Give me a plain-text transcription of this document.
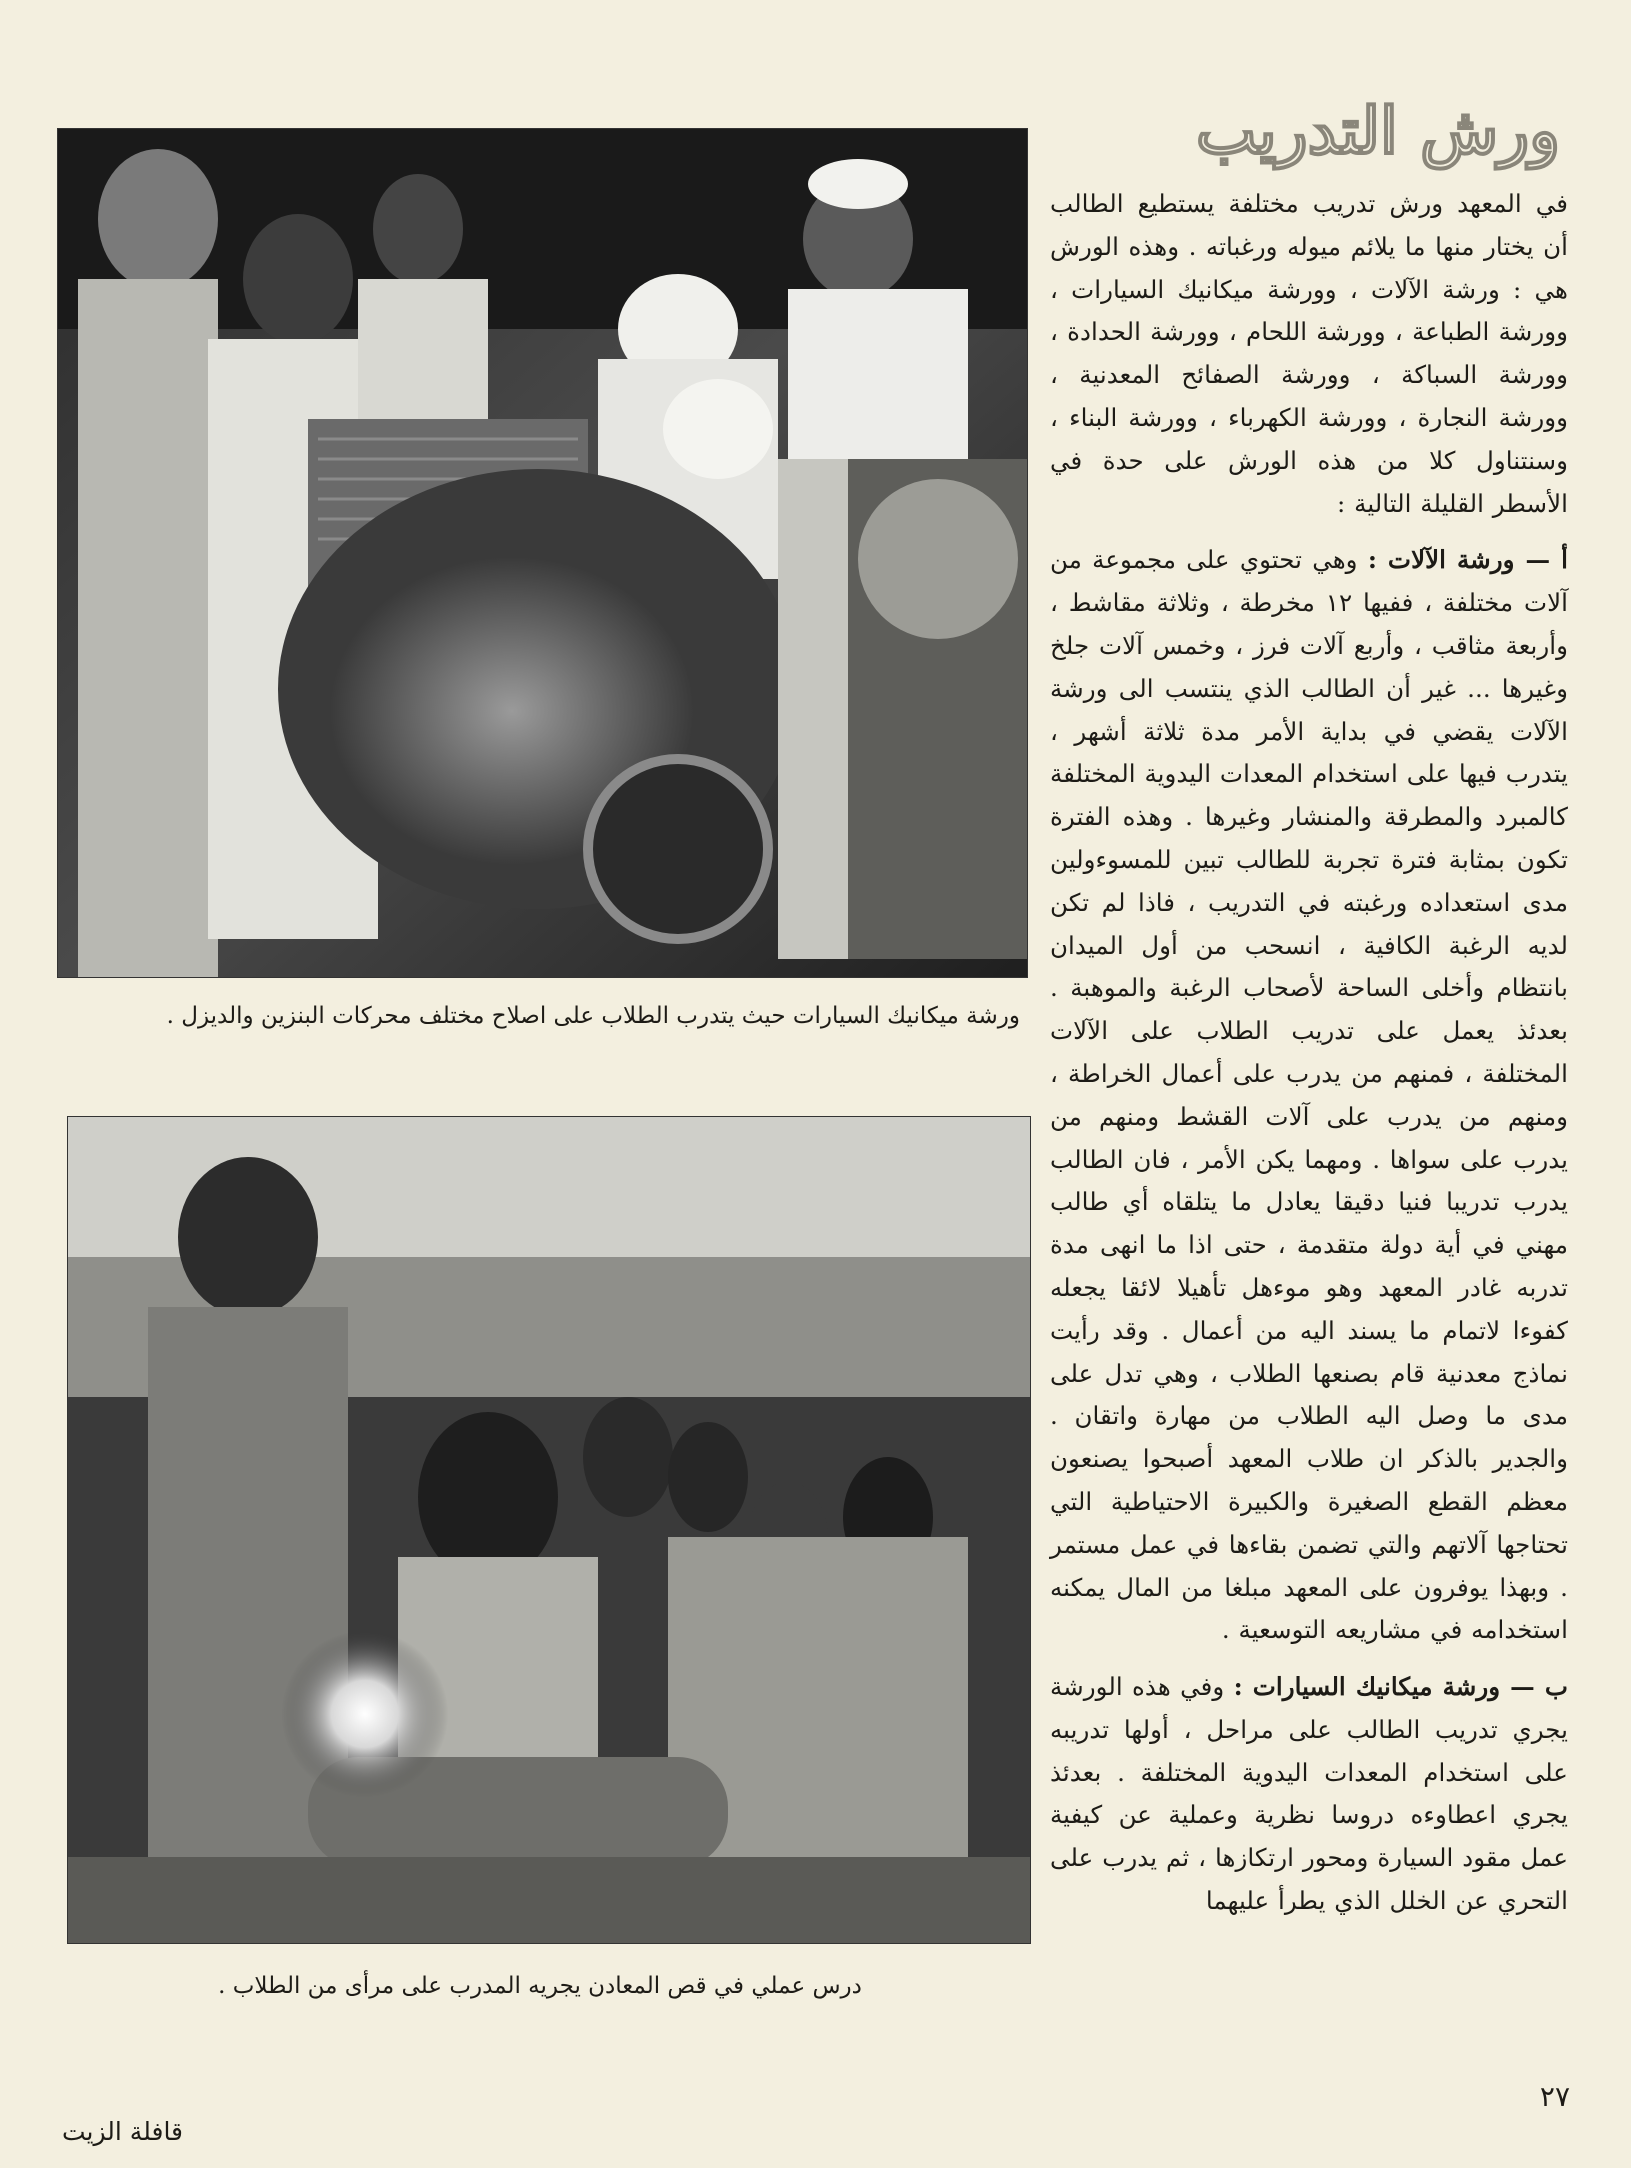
ورش التدريب

في المعهد ورش تدريب مختلفة يستطيع الطالب أن يختار منها ما يلائم ميوله ورغباته . وهذه الورش هي : ورشة الآلات ، وورشة ميكانيك السيارات ، وورشة الطباعة ، وورشة اللحام ، وورشة الحدادة ، وورشة السباكة ، وورشة الصفائح المعدنية ، وورشة النجارة ، وورشة الكهرباء ، وورشة البناء ، وسنتناول كلا من هذه الورش على حدة في الأسطر القليلة التالية :

أ — ورشة الآلات : وهي تحتوي على مجموعة من آلات مختلفة ، ففيها ١٢ مخرطة ، وثلاثة مقاشط ، وأربعة مثاقب ، وأربع آلات فرز ، وخمس آلات جلخ وغيرها ... غير أن الطالب الذي ينتسب الى ورشة الآلات يقضي في بداية الأمر مدة ثلاثة أشهر ، يتدرب فيها على استخدام المعدات اليدوية المختلفة كالمبرد والمطرقة والمنشار وغيرها . وهذه الفترة تكون بمثابة فترة تجربة للطالب تبين للمسوءولين مدى استعداده ورغبته في التدريب ، فاذا لم تكن لديه الرغبة الكافية ، انسحب من أول الميدان بانتظام وأخلى الساحة لأصحاب الرغبة والموهبة . بعدئذ يعمل على تدريب الطلاب على الآلات المختلفة ، فمنهم من يدرب على أعمال الخراطة ، ومنهم من يدرب على آلات القشط ومنهم من يدرب على سواها . ومهما يكن الأمر ، فان الطالب يدرب تدريبا فنيا دقيقا يعادل ما يتلقاه أي طالب مهني في أية دولة متقدمة ، حتى اذا ما انهى مدة تدربه غادر المعهد وهو موءهل تأهيلا لائقا يجعله كفوءا لاتمام ما يسند اليه من أعمال . وقد رأيت نماذج معدنية قام بصنعها الطلاب ، وهي تدل على مدى ما وصل اليه الطلاب من مهارة واتقان . والجدير بالذكر ان طلاب المعهد أصبحوا يصنعون معظم القطع الصغيرة والكبيرة الاحتياطية التي تحتاجها آلاتهم والتي تضمن بقاءها في عمل مستمر . وبهذا يوفرون على المعهد مبلغا من المال يمكنه استخدامه في مشاريعه التوسعية .

ب — ورشة ميكانيك السيارات : وفي هذه الورشة يجري تدريب الطالب على مراحل ، أولها تدريبه على استخدام المعدات اليدوية المختلفة . بعدئذ يجري اعطاوءه دروسا نظرية وعملية عن كيفية عمل مقود السيارة ومحور ارتكازها ، ثم يدرب على التحري عن الخلل الذي يطرأ عليهما

ورشة ميكانيك السيارات حيث يتدرب الطلاب على اصلاح مختلف محركات البنزين والديزل .
درس عملي في قص المعادن يجريه المدرب على مرأى من الطلاب .
٢٧
قافلة الزيت
